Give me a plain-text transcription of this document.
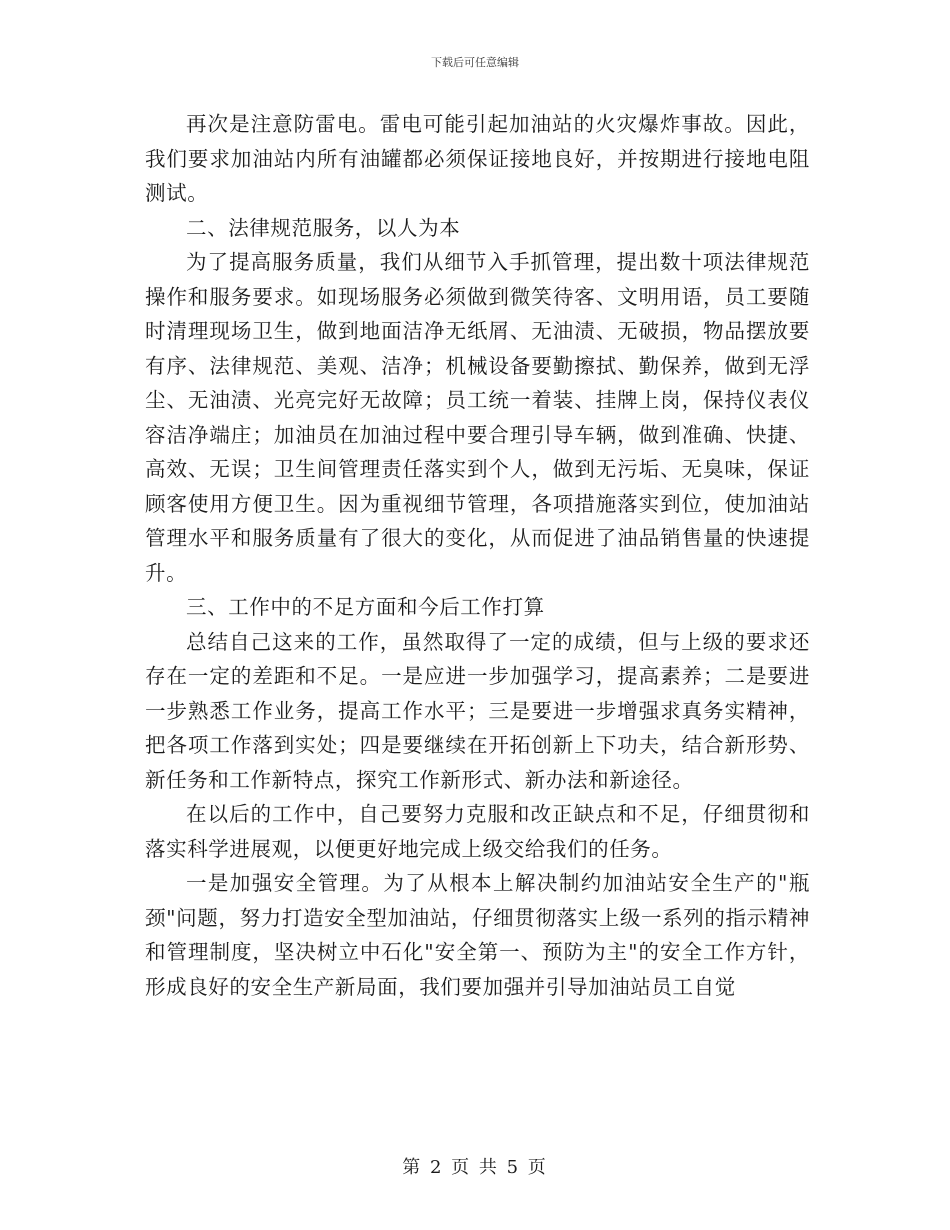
下载后可任意编辑

再次是注意防雷电。雷电可能引起加油站的火灾爆炸事故。因此，我们要求加油站内所有油罐都必须保证接地良好，并按期进行接地电阻测试。

二、法律规范服务，以人为本

为了提高服务质量，我们从细节入手抓管理，提出数十项法律规范操作和服务要求。如现场服务必须做到微笑待客、文明用语，员工要随时清理现场卫生，做到地面洁净无纸屑、无油渍、无破损，物品摆放要有序、法律规范、美观、洁净；机械设备要勤擦拭、勤保养，做到无浮尘、无油渍、光亮完好无故障；员工统一着装、挂牌上岗，保持仪表仪容洁净端庄；加油员在加油过程中要合理引导车辆，做到准确、快捷、高效、无误；卫生间管理责任落实到个人，做到无污垢、无臭味，保证顾客使用方便卫生。因为重视细节管理，各项措施落实到位，使加油站管理水平和服务质量有了很大的变化，从而促进了油品销售量的快速提升。

三、工作中的不足方面和今后工作打算

总结自己这来的工作，虽然取得了一定的成绩，但与上级的要求还存在一定的差距和不足。一是应进一步加强学习，提高素养；二是要进一步熟悉工作业务，提高工作水平；三是要进一步增强求真务实精神，把各项工作落到实处；四是要继续在开拓创新上下功夫，结合新形势、新任务和工作新特点，探究工作新形式、新办法和新途径。

在以后的工作中，自己要努力克服和改正缺点和不足，仔细贯彻和落实科学进展观，以便更好地完成上级交给我们的任务。

一是加强安全管理。为了从根本上解决制约加油站安全生产的"瓶颈"问题，努力打造安全型加油站，仔细贯彻落实上级一系列的指示精神和管理制度，坚决树立中石化"安全第一、预防为主"的安全工作方针，形成良好的安全生产新局面，我们要加强并引导加油站员工自觉

第 2 页 共 5 页
